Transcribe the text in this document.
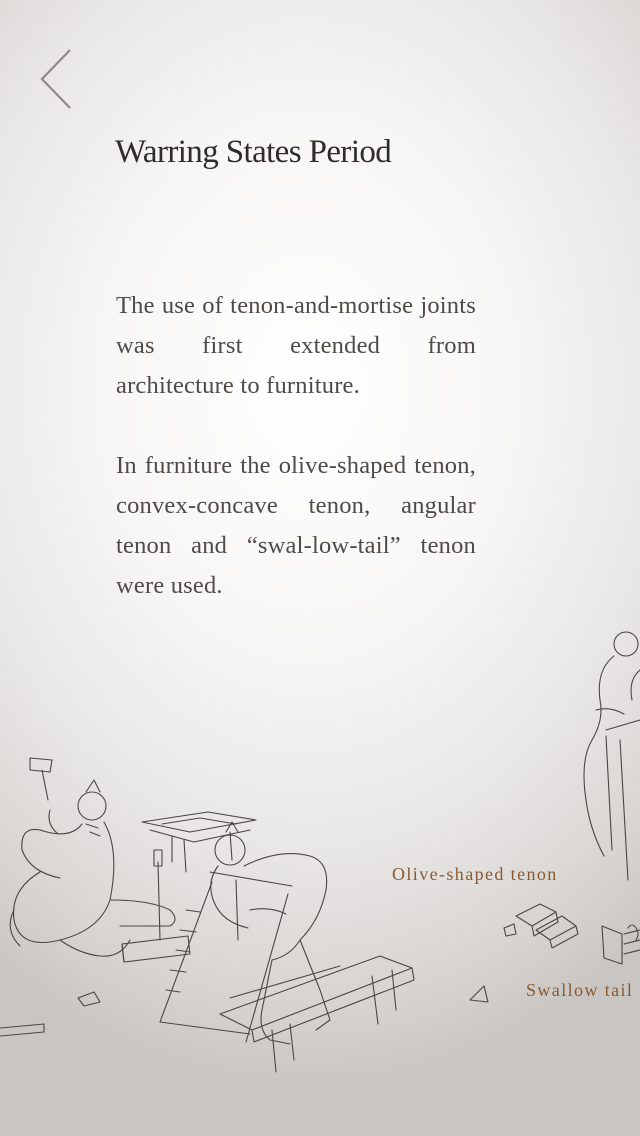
Warring States Period

The use of tenon-and-mortise joints was first extended from architecture to furniture.

In furniture the olive-shaped tenon, convex-concave tenon, angular tenon and “swal-low-tail” tenon were used.

Olive-shaped tenon
Swallow tail
